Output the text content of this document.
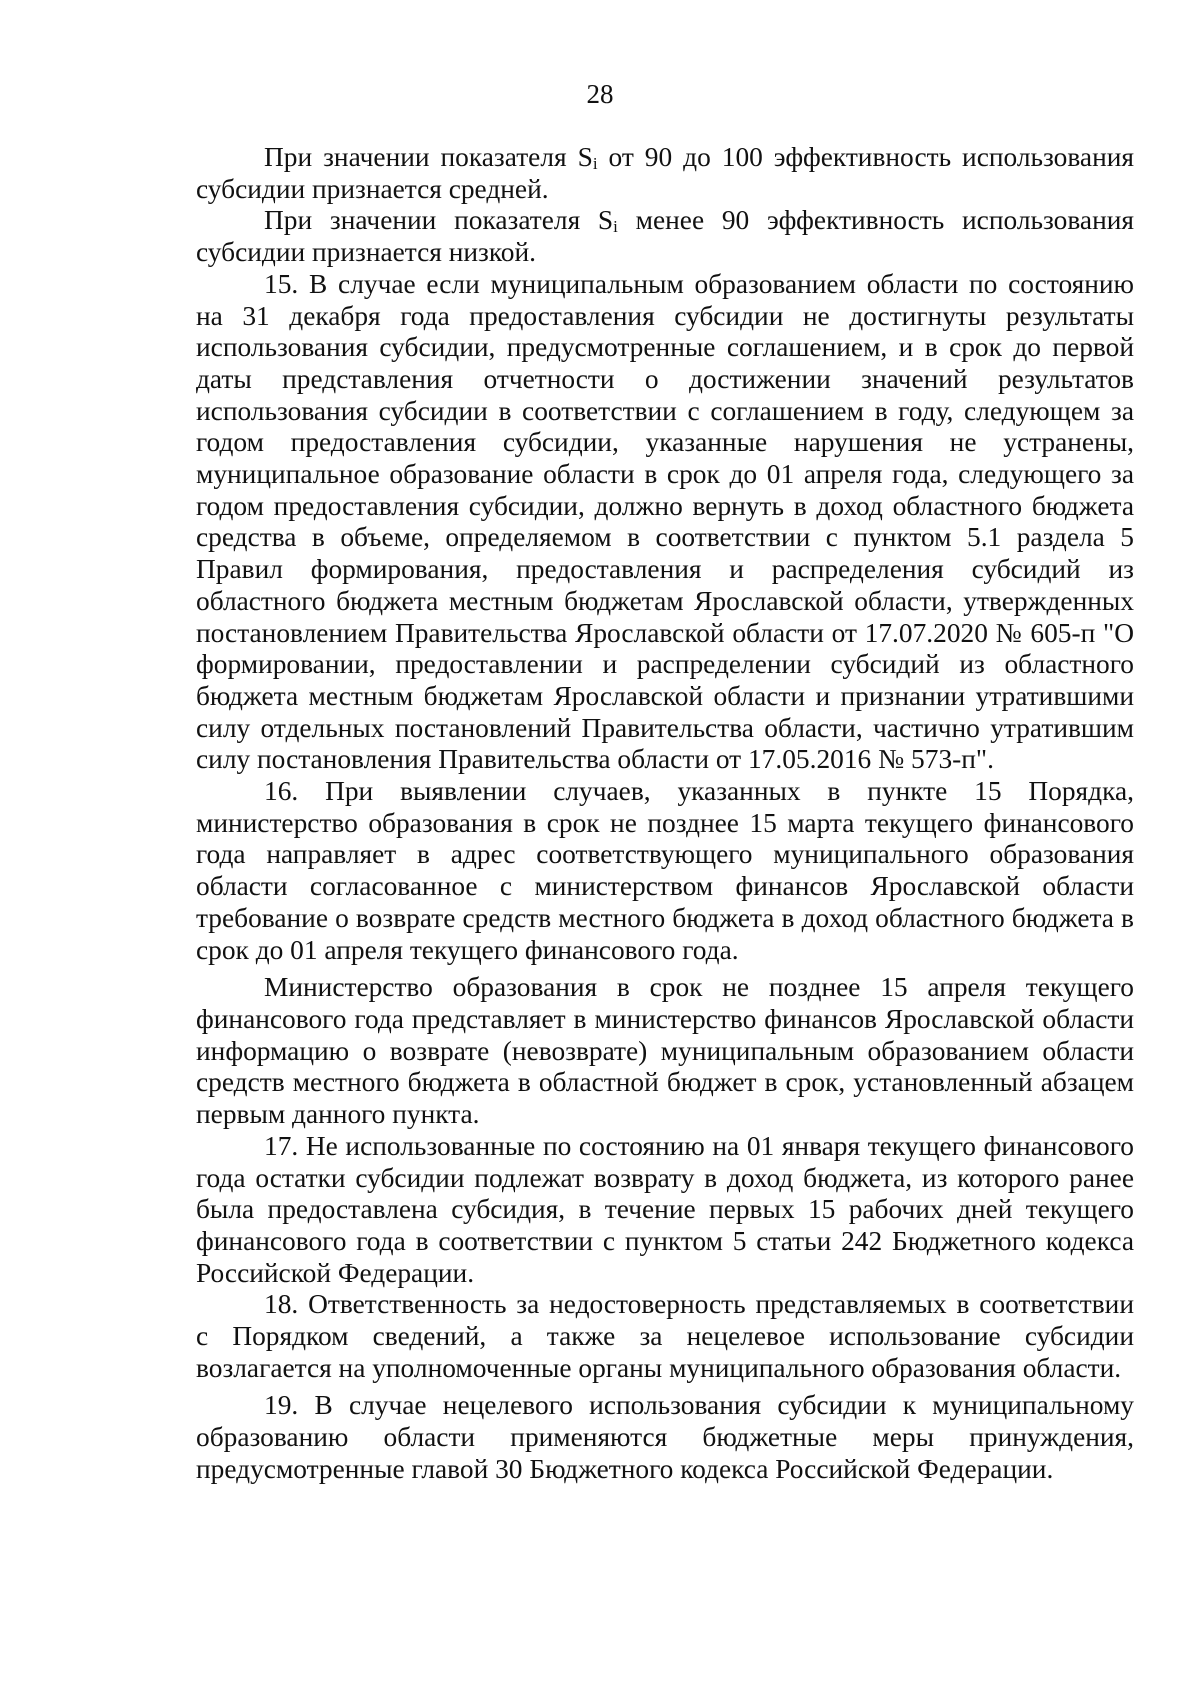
28

При значении показателя $S_i$ от 90 до 100 эффективность использования субсидии признается средней.

При значении показателя $S_i$ менее 90 эффективность использования субсидии признается низкой.

15. В случае если муниципальным образованием области по состоянию на 31 декабря года предоставления субсидии не достигнуты результаты использования субсидии, предусмотренные соглашением, и в срок до первой даты представления отчетности о достижении значений результатов использования субсидии в соответствии с соглашением в году, следующем за годом предоставления субсидии, указанные нарушения не устранены, муниципальное образование области в срок до 01 апреля года, следующего за годом предоставления субсидии, должно вернуть в доход областного бюджета средства в объеме, определяемом в соответствии с пунктом 5.1 раздела 5 Правил формирования, предоставления и распределения субсидий из областного бюджета местным бюджетам Ярославской области, утвержденных постановлением Правительства Ярославской области от 17.07.2020 № 605-п "О формировании, предоставлении и распределении субсидий из областного бюджета местным бюджетам Ярославской области и признании утратившими силу отдельных постановлений Правительства области, частично утратившим силу постановления Правительства области от 17.05.2016 № 573-п".

16. При выявлении случаев, указанных в пункте 15 Порядка, министерство образования в срок не позднее 15 марта текущего финансового года направляет в адрес соответствующего муниципального образования области согласованное с министерством финансов Ярославской области требование о возврате средств местного бюджета в доход областного бюджета в срок до 01 апреля текущего финансового года.

Министерство образования в срок не позднее 15 апреля текущего финансового года представляет в министерство финансов Ярославской области информацию о возврате (невозврате) муниципальным образованием области средств местного бюджета в областной бюджет в срок, установленный абзацем первым данного пункта.

17. Не использованные по состоянию на 01 января текущего финансового года остатки субсидии подлежат возврату в доход бюджета, из которого ранее была предоставлена субсидия, в течение первых 15 рабочих дней текущего финансового года в соответствии с пунктом 5 статьи 242 Бюджетного кодекса Российской Федерации.

18. Ответственность за недостоверность представляемых в соответствии с Порядком сведений, а также за нецелевое использование субсидии возлагается на уполномоченные органы муниципального образования области.

19. В случае нецелевого использования субсидии к муниципальному образованию области применяются бюджетные меры принуждения, предусмотренные главой 30 Бюджетного кодекса Российской Федерации.
